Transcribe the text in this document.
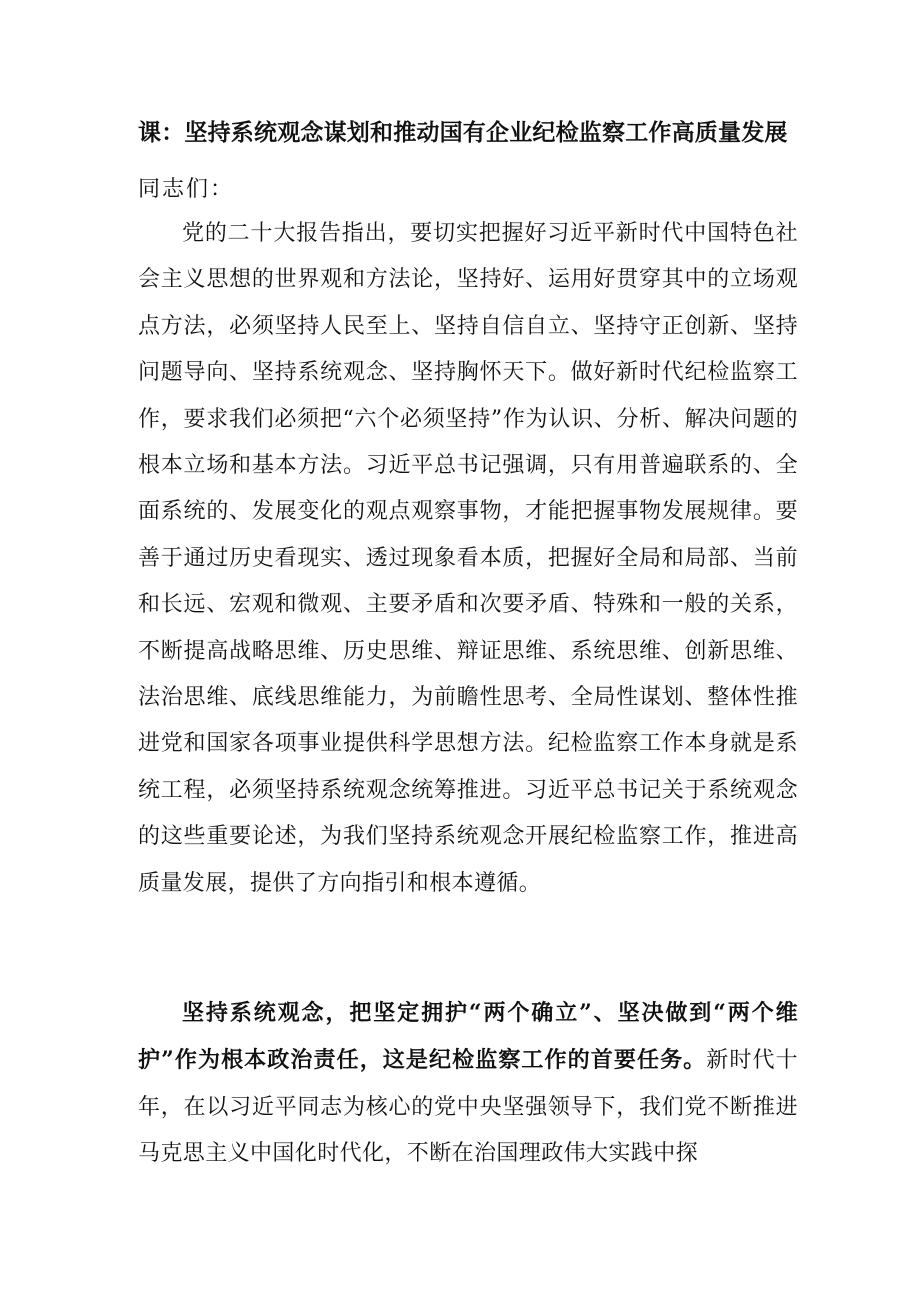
课：坚持系统观念谋划和推动国有企业纪检监察工作高质量发展
同志们：

党的二十大报告指出，要切实把握好习近平新时代中国特色社会主义思想的世界观和方法论，坚持好、运用好贯穿其中的立场观点方法，必须坚持人民至上、坚持自信自立、坚持守正创新、坚持问题导向、坚持系统观念、坚持胸怀天下。做好新时代纪检监察工作，要求我们必须把“六个必须坚持”作为认识、分析、解决问题的根本立场和基本方法。习近平总书记强调，只有用普遍联系的、全面系统的、发展变化的观点观察事物，才能把握事物发展规律。要善于通过历史看现实、透过现象看本质，把握好全局和局部、当前和长远、宏观和微观、主要矛盾和次要矛盾、特殊和一般的关系，不断提高战略思维、历史思维、辩证思维、系统思维、创新思维、法治思维、底线思维能力，为前瞻性思考、全局性谋划、整体性推进党和国家各项事业提供科学思想方法。纪检监察工作本身就是系统工程，必须坚持系统观念统筹推进。习近平总书记关于系统观念的这些重要论述，为我们坚持系统观念开展纪检监察工作，推进高质量发展，提供了方向指引和根本遵循。

坚持系统观念，把坚定拥护“两个确立”、坚决做到“两个维护”作为根本政治责任，这是纪检监察工作的首要任务。新时代十年，在以习近平同志为核心的党中央坚强领导下，我们党不断推进马克思主义中国化时代化，不断在治国理政伟大实践中探
